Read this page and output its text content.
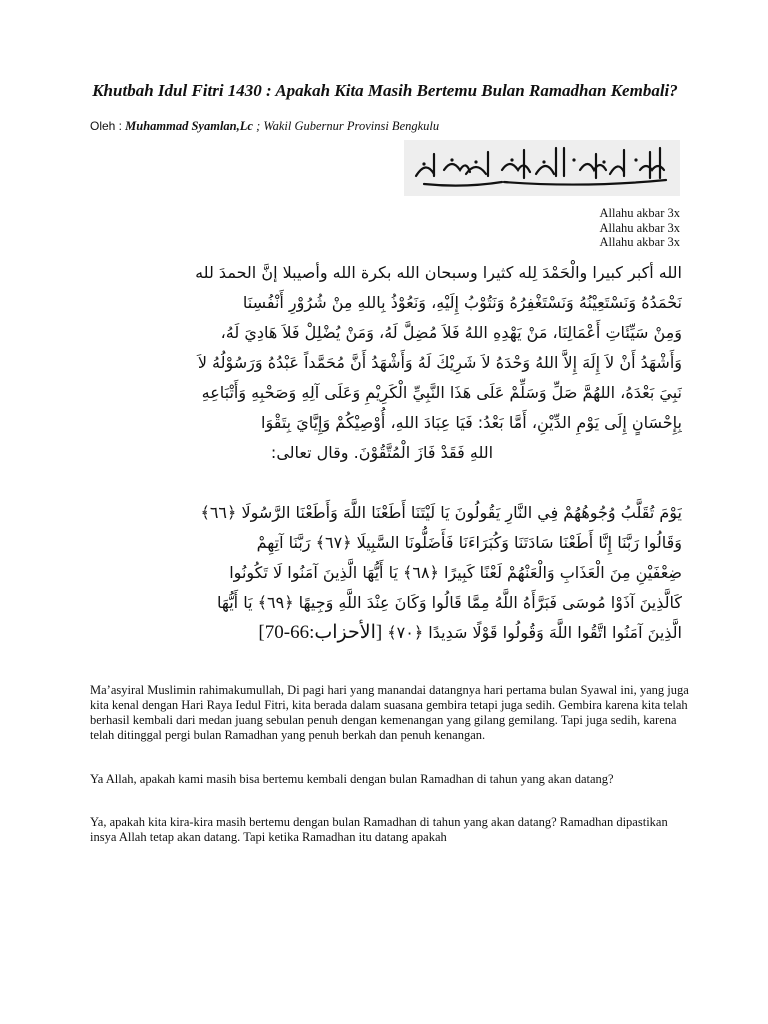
Khutbah Idul Fitri 1430 : Apakah Kita Masih Bertemu Bulan Ramadhan Kembali?
Oleh : Muhammad Syamlan,Lc ; Wakil Gubernur Provinsi Bengkulu
Allahu akbar 3x
Allahu akbar 3x
Allahu akbar 3x
الله أكبر كبيرا والْحَمْدَ لِله كثيرا وسبحان الله بكرة الله وأصيبلا إنَّ الحمدَ لله
نَحْمَدُهُ وَنَسْتَعِيْنُهُ وَنَسْتَغْفِرُهُ وَنَتُوْبُ إِلَيْهِ، وَنَعُوْذُ بِاللهِ مِنْ شُرُوْرِ أَنْفُسِنَا
وَمِنْ سَيِّئَاتِ أَعْمَالِنَا، مَنْ يَهْدِهِ اللهُ فَلاَ مُضِلَّ لَهُ، وَمَنْ يُضْلِلْ فَلاَ هَادِيَ لَهُ،
وَأَشْهَدُ أَنْ لاَ إِلَهَ إِلاَّ اللهُ وَحْدَهُ لاَ شَرِيْكَ لَهُ وَأَشْهَدُ أَنَّ مُحَمَّداً عَبْدُهُ وَرَسُوْلُهُ لاَ
نَبِيَ بَعْدَهُ، اللهُمَّ صَلِّ وَسَلِّمْ عَلَى هَذَا النَّبِيِّ الْكَرِيْمِ وَعَلَى آلِهِ وَصَحْبِهِ وَأَتْبَاعِهِ
بِإِحْسَانٍ إِلَى يَوْمِ الدِّيْنِ، أَمَّا بَعْدُ: فَيَا عِبَادَ اللهِ، أُوْصِيْكُمْ وَإِيَّايَ بِتَقْوَا
اللهِ فَقَدْ فَازَ الْمُتَّقُوْنَ. وقال تعالى:
يَوْمَ تُقَلَّبُ وُجُوهُهُمْ فِي النَّارِ يَقُولُونَ يَا لَيْتَنَا أَطَعْنَا اللَّهَ وَأَطَعْنَا الرَّسُولَا ﴿٦٦﴾
وَقَالُوا رَبَّنَا إِنَّا أَطَعْنَا سَادَتَنَا وَكُبَرَاءَنَا فَأَضَلُّونَا السَّبِيلَا ﴿٦٧﴾ رَبَّنَا آتِهِمْ
ضِعْفَيْنِ مِنَ الْعَذَابِ وَالْعَنْهُمْ لَعْنًا كَبِيرًا ﴿٦٨﴾ يَا أَيُّهَا الَّذِينَ آمَنُوا لَا تَكُونُوا
كَالَّذِينَ آذَوْا مُوسَى فَبَرَّأَهُ اللَّهُ مِمَّا قَالُوا وَكَانَ عِنْدَ اللَّهِ وَجِيهًا ﴿٦٩﴾ يَا أَيُّهَا
الَّذِينَ آمَنُوا اتَّقُوا اللَّهَ وَقُولُوا قَوْلًا سَدِيدًا ﴿٧٠﴾ [الأحزاب:66-70]

Ma’asyiral Muslimin rahimakumullah, Di pagi hari yang manandai datangnya hari pertama bulan Syawal ini, yang juga kita kenal dengan Hari Raya Iedul Fitri, kita berada dalam suasana gembira tetapi juga sedih. Gembira karena kita telah berhasil kembali dari medan juang sebulan penuh dengan kemenangan yang gilang gemilang. Tapi juga sedih, karena telah ditinggal pergi bulan Ramadhan yang penuh berkah dan penuh kenangan.

Ya Allah, apakah kami masih bisa bertemu kembali dengan bulan Ramadhan di tahun yang akan datang?

Ya, apakah kita kira-kira masih bertemu dengan bulan Ramadhan di tahun yang akan datang? Ramadhan dipastikan insya Allah tetap akan datang. Tapi ketika Ramadhan itu datang apakah
